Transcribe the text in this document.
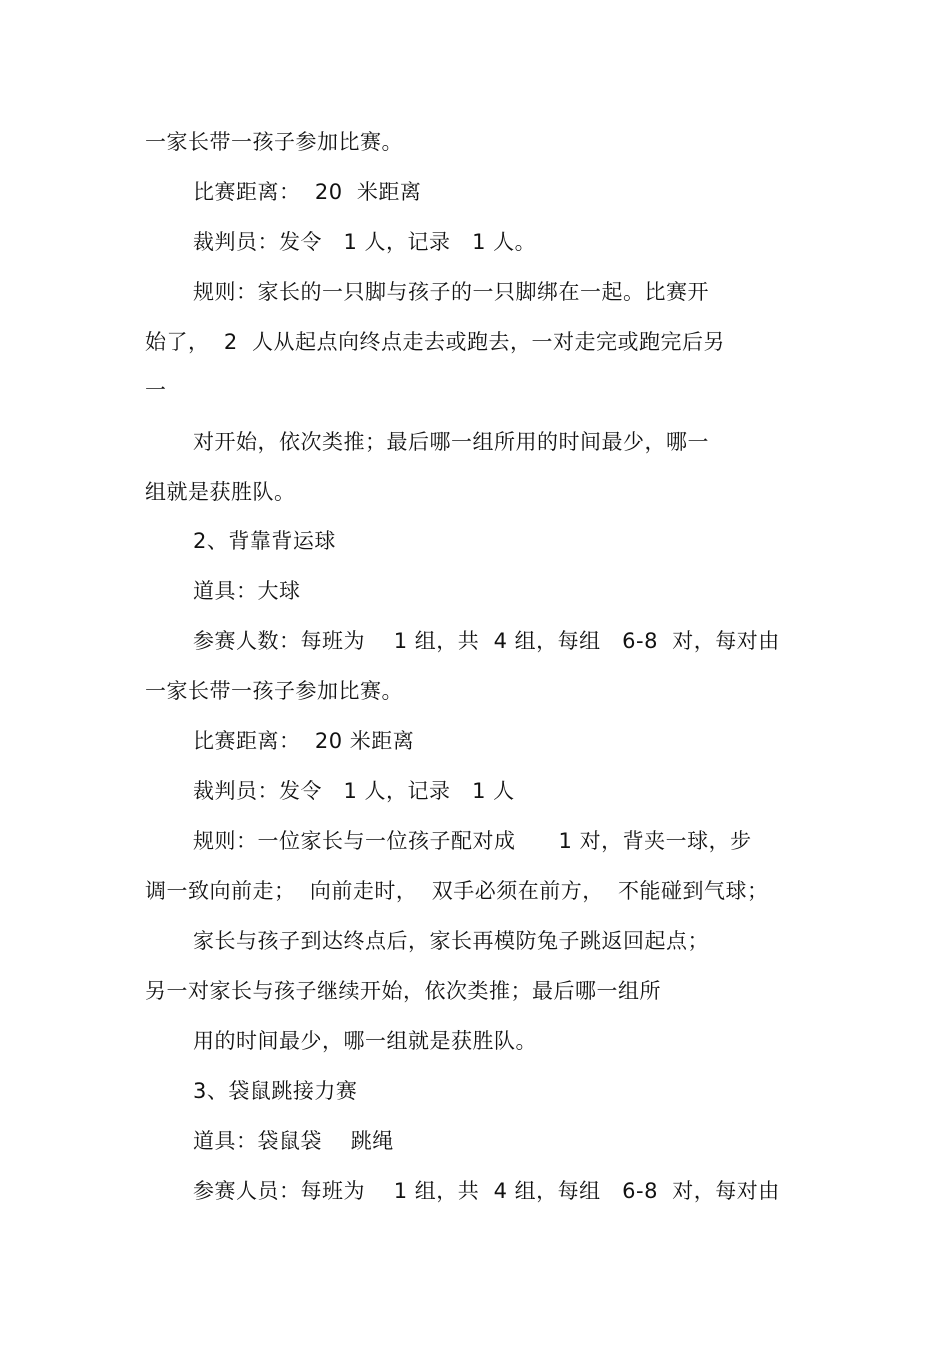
一家长带一孩子参加比赛。
比赛距离：  20  米距离
裁判员：发令   1 人，记录   1 人。
规则：家长的一只脚与孩子的一只脚绑在一起。比赛开
始了，  2  人从起点向终点走去或跑去，一对走完或跑完后另
一
对开始，依次类推；最后哪一组所用的时间最少，哪一
组就是获胜队。
2、背靠背运球
道具：大球
参赛人数：每班为    1 组，共  4 组，每组   6-8  对，每对由
一家长带一孩子参加比赛。
比赛距离：  20 米距离
裁判员：发令   1 人，记录   1 人
规则：一位家长与一位孩子配对成      1 对，背夹一球，步
调一致向前走；  向前走时，  双手必须在前方，  不能碰到气球；
家长与孩子到达终点后，家长再模防兔子跳返回起点；
另一对家长与孩子继续开始，依次类推；最后哪一组所
用的时间最少，哪一组就是获胜队。
3、袋鼠跳接力赛
道具：袋鼠袋    跳绳
参赛人员：每班为    1 组，共  4 组，每组   6-8  对，每对由
